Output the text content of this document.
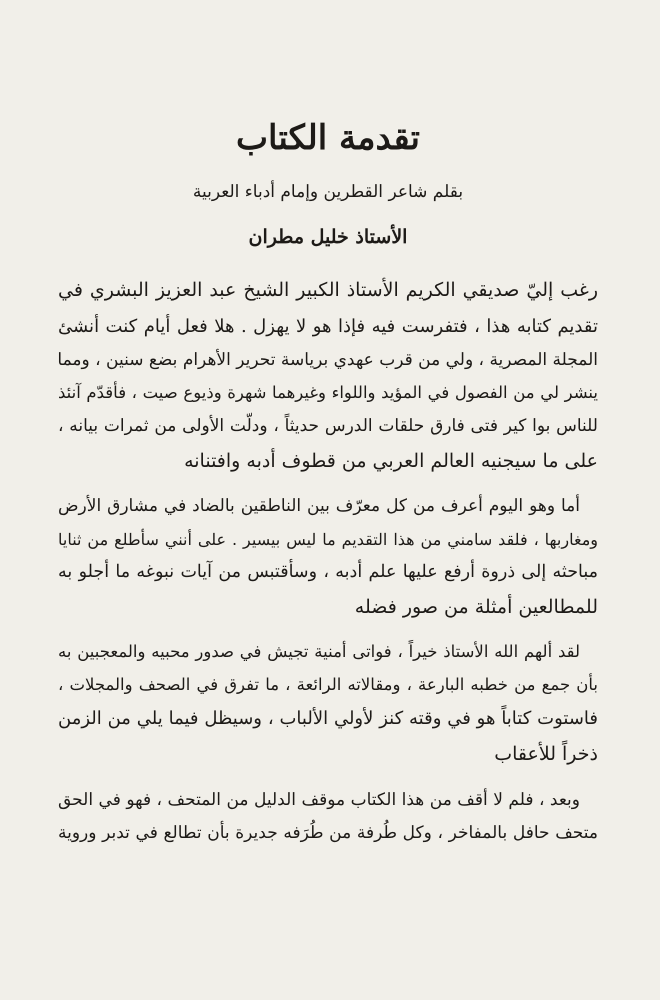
تقدمة الكتاب
بقلم شاعر القطرين وإمام أدباء العربية
الأستاذ خليل مطران
رغب إليّ صديقي الكريم الأستاذ الكبير الشيخ عبد العزيز البشري في
تقديم كتابه هذا ، فتفرست فيه فإذا هو لا يهزل . هلا فعل أيام كنت أنشئ
المجلة المصرية ، ولي من قرب عهدي برياسة تحرير الأهرام بضع سنين ، ومما
ينشر لي من الفصول في المؤيد واللواء وغيرهما شهرة وذيوع صيت ، فأقدّم آنئذ
للناس بوا كير فتى فارق حلقات الدرس حديثاً ، ودلّت الأولى من ثمرات بيانه ،
على ما سيجنيه العالم العربي من قطوف أدبه وافتنانه
أما وهو اليوم أعرف من كل معرّف بين الناطقين بالضاد في مشارق الأرض
ومغاربها ، فلقد سامني من هذا التقديم ما ليس بيسير . على أنني سأطلع من ثنايا
مباحثه إلى ذروة أرفع عليها علم أدبه ، وسأقتبس من آيات نبوغه ما أجلو به
للمطالعين أمثلة من صور فضله
لقد ألهم الله الأستاذ خيراً ، فواتى أمنية تجيش في صدور محبيه والمعجبين به
بأن جمع من خطبه البارعة ، ومقالاته الرائعة ، ما تفرق في الصحف والمجلات ،
فاستوت كتاباً هو في وقته كنز لأولي الألباب ، وسيظل فيما يلي من الزمن
ذخراً للأعقاب
وبعد ، فلم لا أقف من هذا الكتاب موقف الدليل من المتحف ، فهو في الحق
متحف حافل بالمفاخر ، وكل طُرفة من طُرَفه جديرة بأن تطالع في تدبر وروية
